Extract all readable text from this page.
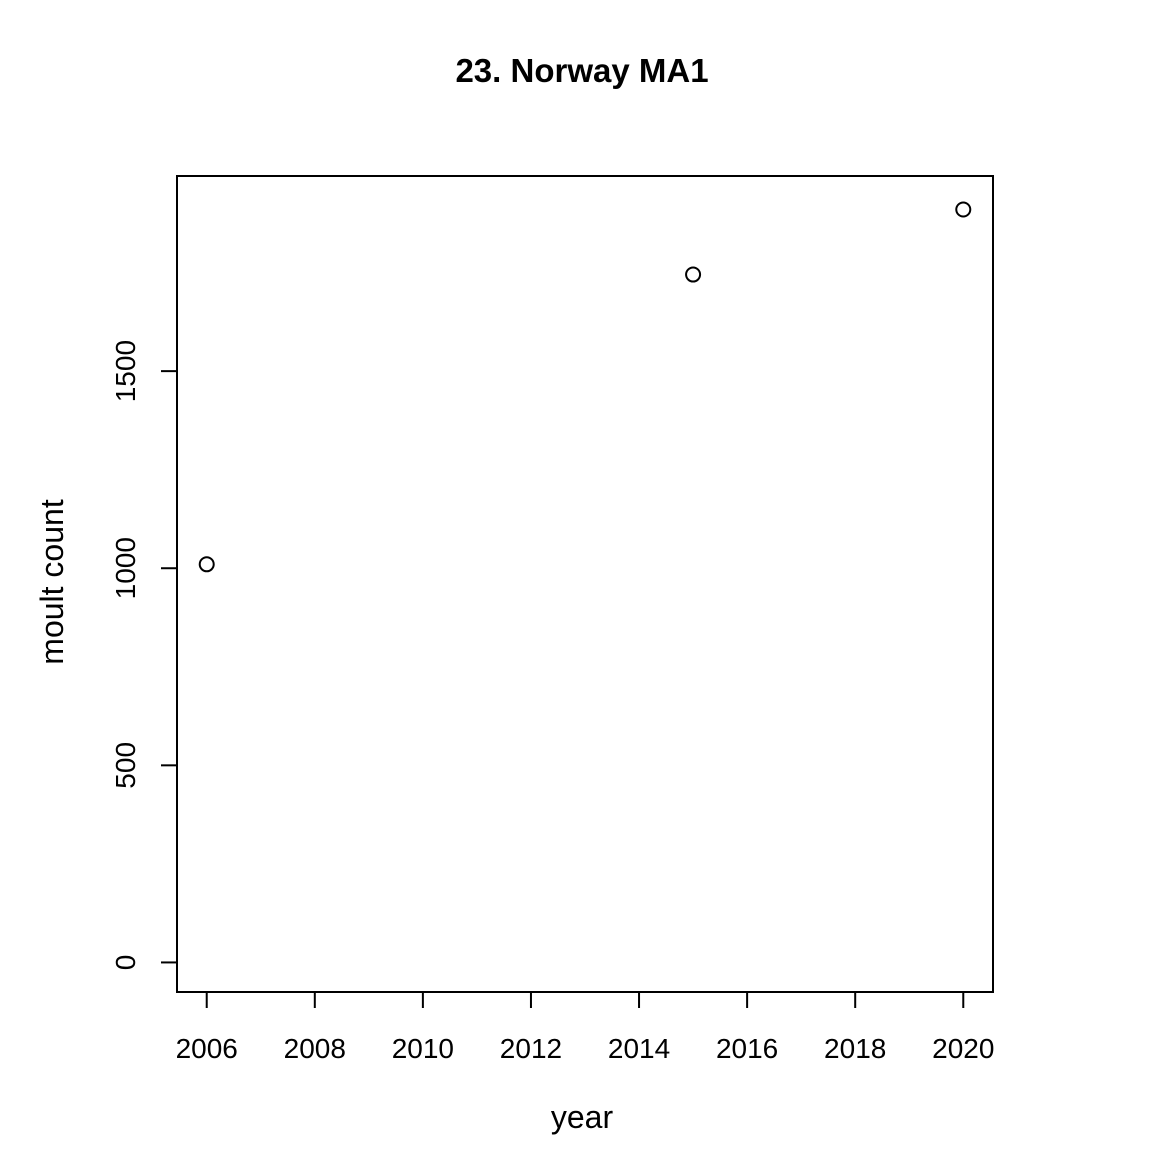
23. Norway MA1
2006 2008 2010 2012 2014 2016 2018 2020
0
500
1000
1500
year
moult count
